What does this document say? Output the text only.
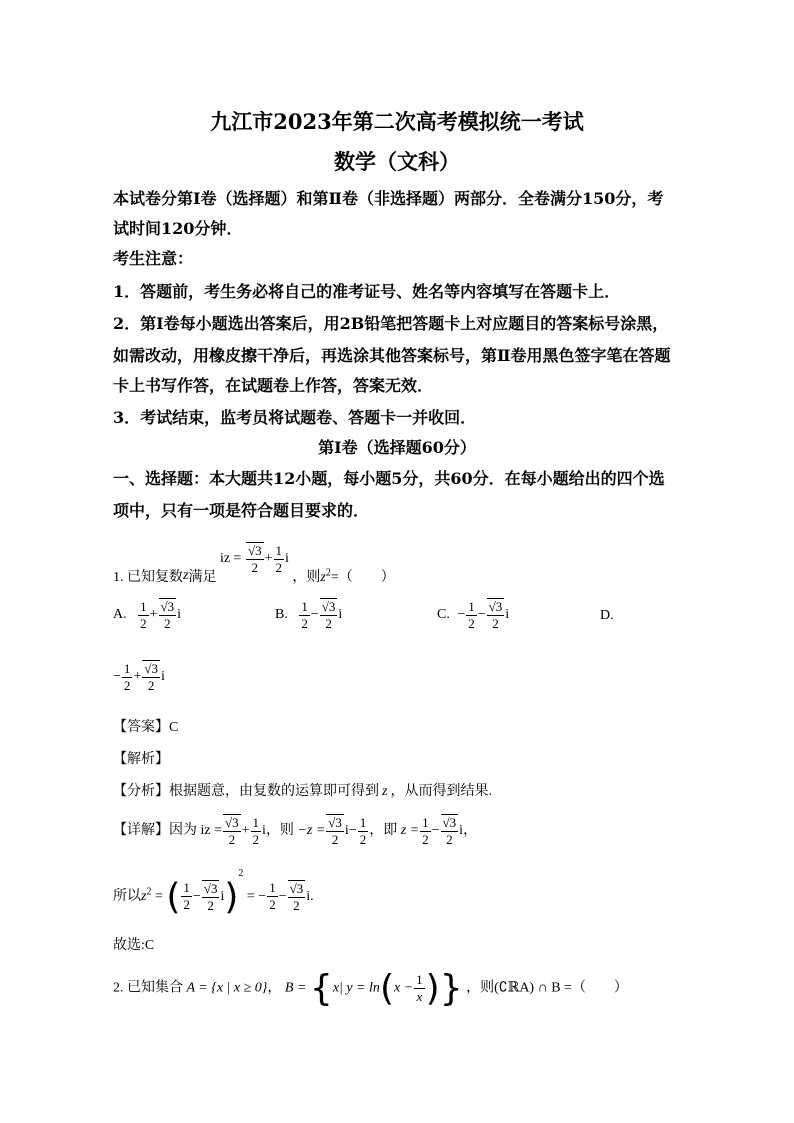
九江市2023年第二次高考模拟统一考试
数学（文科）
本试卷分第Ⅰ卷（选择题）和第Ⅱ卷（非选择题）两部分．全卷满分150分，考
试时间120分钟．
考生注意：
1．答题前，考生务必将自己的准考证号、姓名等内容填写在答题卡上．
2．第Ⅰ卷每小题选出答案后，用2B铅笔把答题卡上对应题目的答案标号涂黑，
如需改动，用橡皮擦干净后，再选涂其他答案标号，第Ⅱ卷用黑色签字笔在答题
卡上书写作答，在试题卷上作答，答案无效．
3．考试结束，监考员将试题卷、答题卡一并收回．
第Ⅰ卷（选择题60分）
一、选择题：本大题共12小题，每小题5分，共60分．在每小题给出的四个选
项中，只有一项是符合题目要求的．
1. 已知复数z满足 iz = $\frac{√3}{2} + \frac{1}{2}$ i ，则$z^2=$（　　）
A. $\frac{1}{2} + \frac{√3}{2}$ i	B. $\frac{1}{2} - \frac{√3}{2}$ i	C. − $\frac{1}{2} - \frac{√3}{2}$ i	D.
− $\frac{1}{2} + \frac{√3}{2}$ i
【答案】C
【解析】
【分析】根据题意，由复数的运算即可得到 z ，从而得到结果.
【详解】因为 iz = $\frac{√3}{2} + \frac{1}{2}$ i，则 $-z = \frac{√3}{2} i- \frac{1}{2}$ ，即 $z = \frac{1}{2} - \frac{√3}{2}$ i，
所以$z^2$ = ( $\frac{1}{2} - \frac{√3}{2} i)^2$ = − $\frac{1}{2} - \frac{√3}{2} i$.
故选:C
2. 已知集合 A = {x | x ≥ 0}， B = {x| $y = \ln(x - \frac{1}{x}$ )} ，则(∁ℝA) ∩ B =（　　）
